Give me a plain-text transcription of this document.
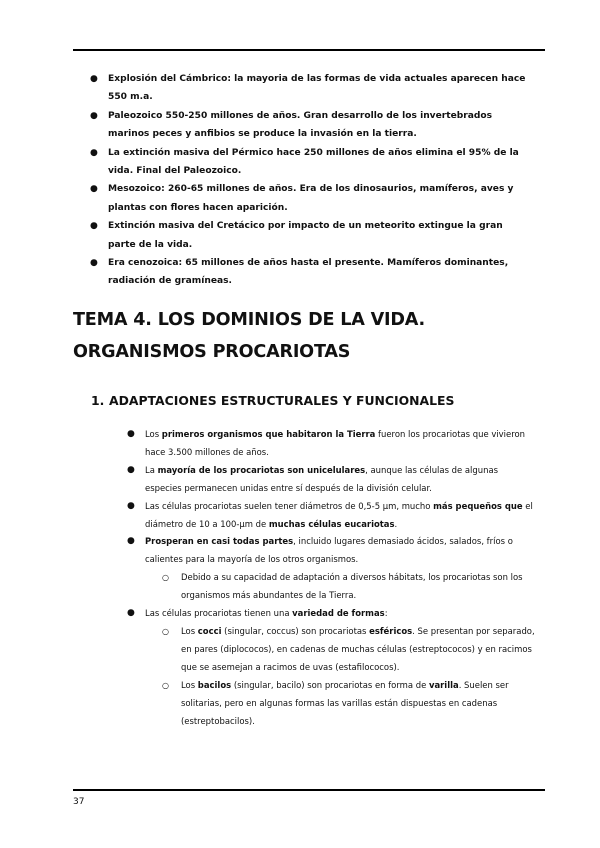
● Explosión del Cámbrico: la mayoria de las formas de vida actuales aparecen hace 550 m.a.
● Paleozoico 550-250 millones de años. Gran desarrollo de los invertebrados marinos peces y anfibios se produce la invasión en la tierra.
● La extinción masiva del Pérmico hace 250 millones de años elimina el 95% de la vida. Final del Paleozoico.
● Mesozoico: 260-65 millones de años. Era de los dinosaurios, mamíferos, aves y plantas con flores hacen aparición.
● Extinción masiva del Cretácico por impacto de un meteorito extingue la gran parte de la vida.
● Era cenozoica: 65 millones de años hasta el presente. Mamíferos dominantes, radiación de gramíneas.
TEMA 4. LOS DOMINIOS DE LA VIDA. ORGANISMOS PROCARIOTAS
1. ADAPTACIONES ESTRUCTURALES Y FUNCIONALES
● Los primeros organismos que habitaron la Tierra fueron los procariotas que vivieron hace 3.500 millones de años.
● La mayoría de los procariotas son unicelulares, aunque las células de algunas especies permanecen unidas entre sí después de la división celular.
● Las células procariotas suelen tener diámetros de 0,5-5 µm, mucho más pequeños que el diámetro de 10 a 100-µm de muchas células eucariotas.
● Prosperan en casi todas partes, incluido lugares demasiado ácidos, salados, fríos o calientes para la mayoría de los otros organismos.
○ Debido a su capacidad de adaptación a diversos hábitats, los procariotas son los organismos más abundantes de la Tierra.
● Las células procariotas tienen una variedad de formas:
○ Los cocci (singular, coccus) son procariotas esféricos. Se presentan por separado, en pares (diplococos), en cadenas de muchas células (estreptococos) y en racimos que se asemejan a racimos de uvas (estafilococos).
○ Los bacilos (singular, bacilo) son procariotas en forma de varilla. Suelen ser solitarias, pero en algunas formas las varillas están dispuestas en cadenas (estreptobacilos).
37
